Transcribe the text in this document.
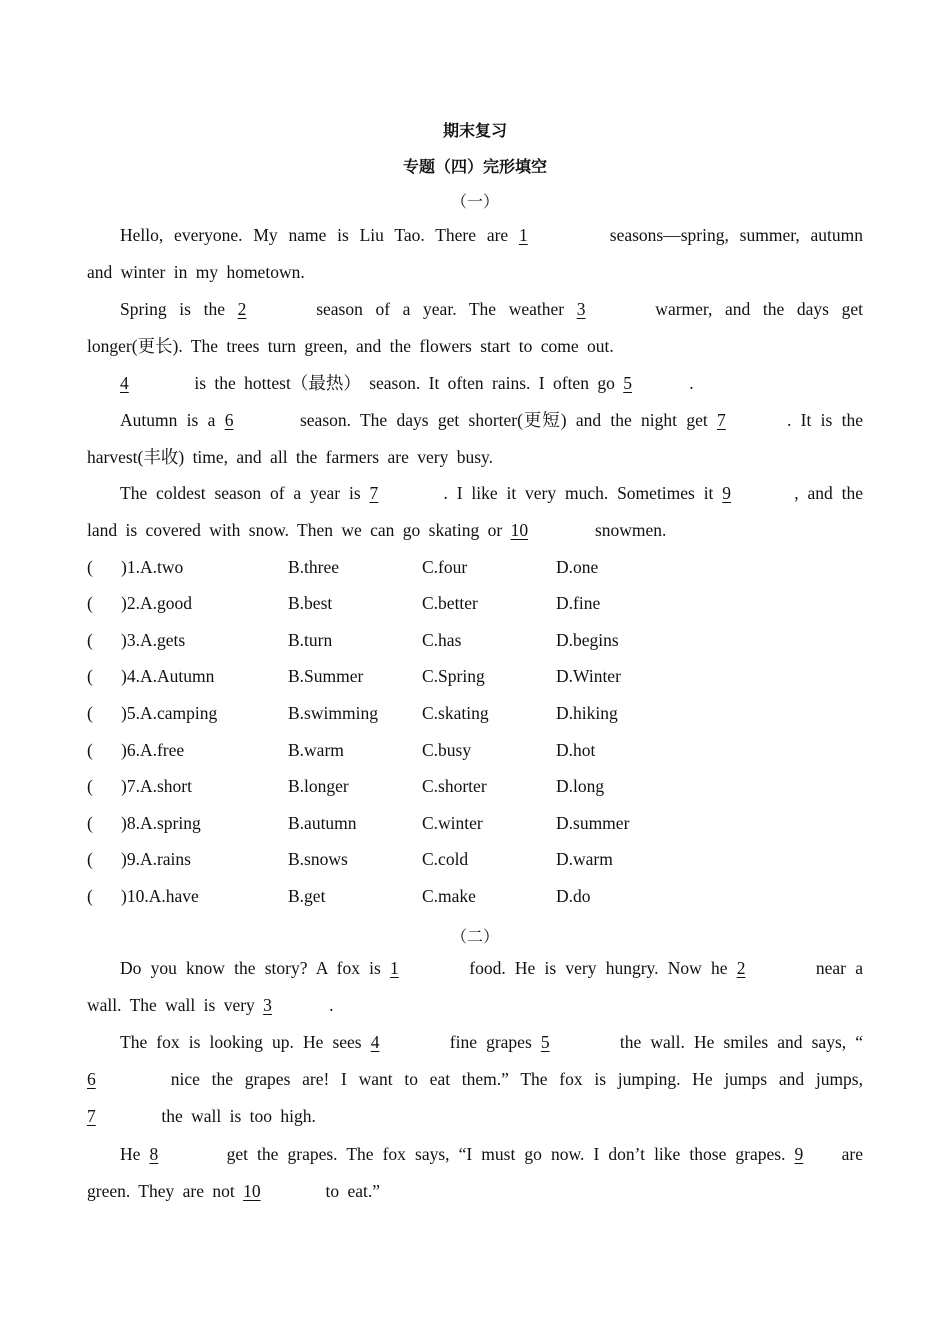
期末复习
专题（四）完形填空
（一）
Hello, everyone. My name is Liu Tao. There are 1	seasons—spring, summer, autumn and winter in my hometown.
Spring is the 2	season of a year. The weather 3	warmer, and the days get longer(更长). The trees turn green, and the flowers start to come out.
4	is the hottest（最热） season. It often rains. I often go 5	.
Autumn is a 6	season. The days get shorter(更短) and the night get 7	. It is the harvest(丰收) time, and all the farmers are very busy.
The coldest season of a year is 7	. I like it very much. Sometimes it 9	, and the land is covered with snow. Then we can go skating or 10	snowmen.
( )1.A.two	B.three	C.four	D.one
( )2.A.good	B.best	C.better	D.fine
( )3.A.gets	B.turn	C.has	D.begins
( )4.A.Autumn	B.Summer	C.Spring	D.Winter
( )5.A.camping	B.swimming	C.skating	D.hiking
( )6.A.free	B.warm	C.busy	D.hot
( )7.A.short	B.longer	C.shorter	D.long
( )8.A.spring	B.autumn	C.winter	D.summer
( )9.A.rains	B.snows	C.cold	D.warm
( )10.A.have	B.get	C.make	D.do
（二）
Do you know the story? A fox is 1	food. He is very hungry. Now he 2	near a wall. The wall is very 3	.
The fox is looking up. He sees 4	fine grapes 5	the wall. He smiles and says, “6	nice the grapes are! I want to eat them.” The fox is jumping. He jumps and jumps, 7	the wall is too high.
He 8	get the grapes. The fox says, “I must go now. I don’t like those grapes. 9 are green. They are not 10	to eat.”
